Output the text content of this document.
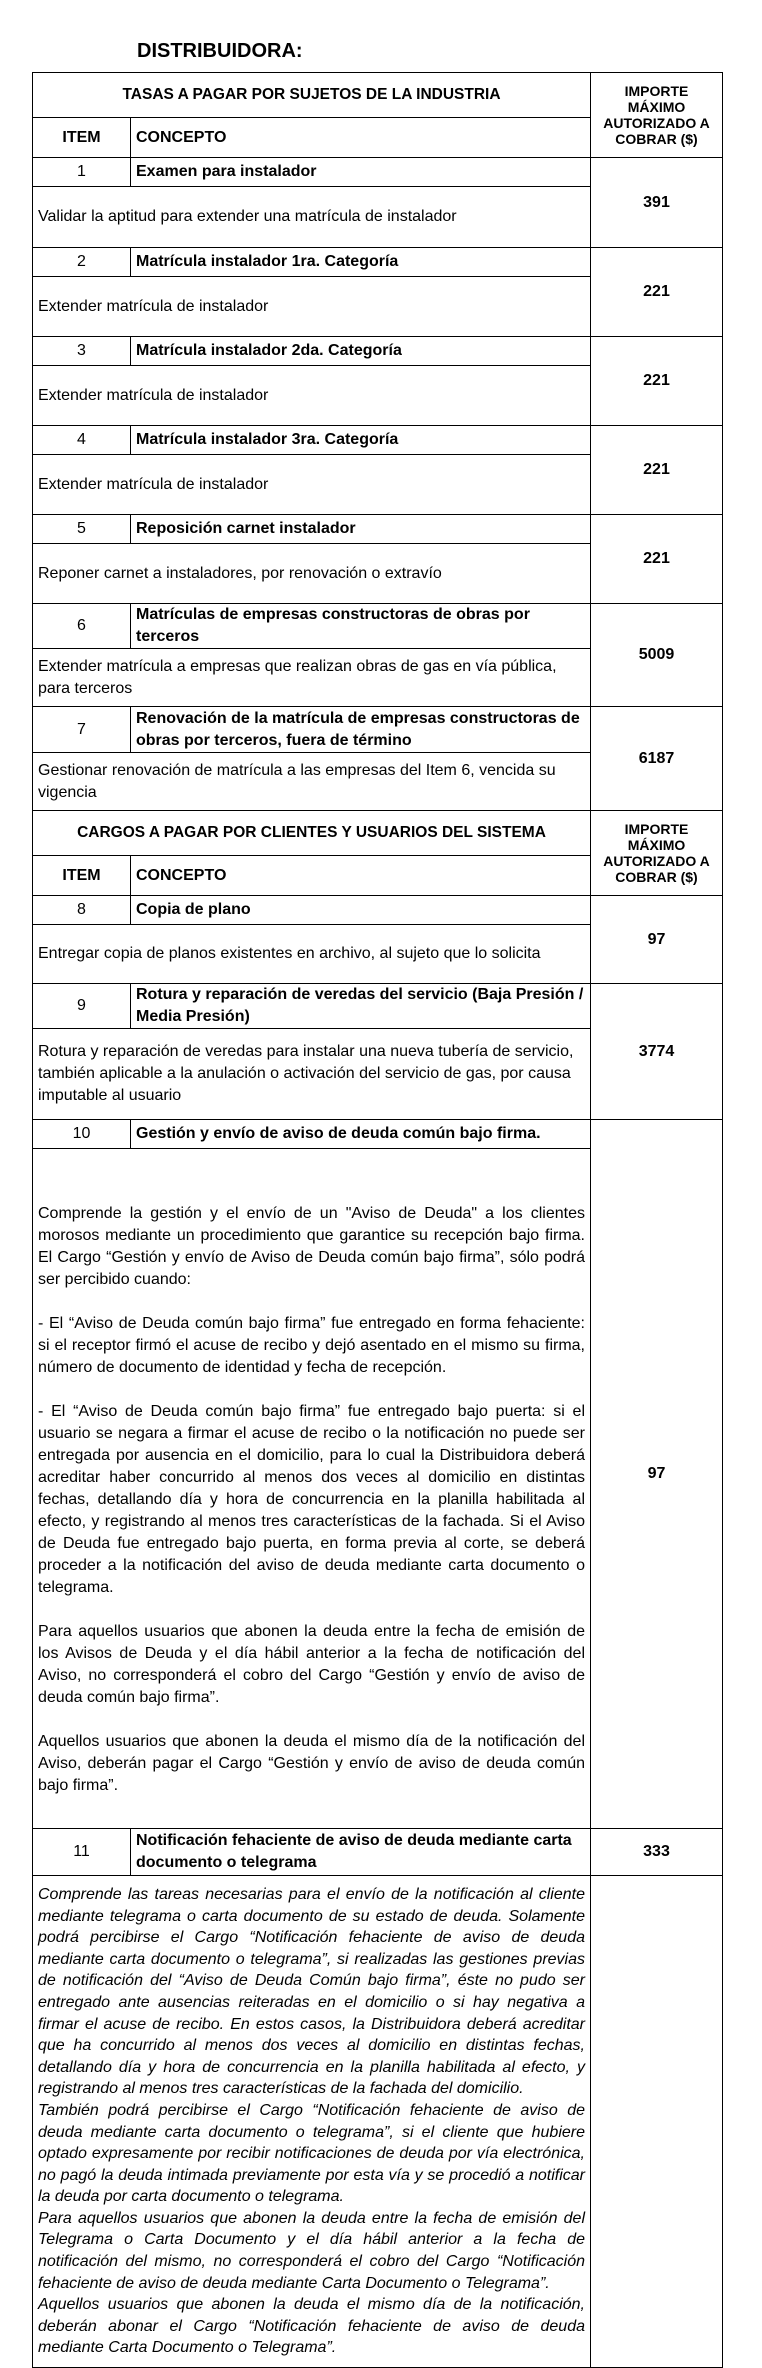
DISTRIBUIDORA:
TASAS A PAGAR POR SUJETOS DE LA INDUSTRIA		IMPORTE
MÁXIMO
AUTORIZADO A
COBRAR ($)

ITEM	CONCEPTO	
1	Examen para instalador	391
Validar la aptitud para extender una matrícula de instalador		
2	Matrícula instalador 1ra. Categoría	221
Extender matrícula de instalador		
3	Matrícula instalador 2da. Categoría	221
Extender matrícula de instalador		
4	Matrícula instalador 3ra. Categoría	221
Extender matrícula de instalador		
5	Reposición carnet instalador	221
Reponer carnet a instaladores, por renovación o extravío		
6	Matrículas de empresas constructoras de obras por terceros	5009
Extender matrícula a empresas que realizan obras de gas en vía pública, para terceros		
7	Renovación de la matrícula de empresas constructoras de obras por terceros, fuera de término	6187
Gestionar renovación de matrícula a las empresas del Item 6, vencida su vigencia		
CARGOS A PAGAR POR CLIENTES Y USUARIOS DEL SISTEMA		IMPORTE
MÁXIMO
AUTORIZADO A
COBRAR ($)

ITEM	CONCEPTO	
8	Copia de plano	97
Entregar copia de planos existentes en archivo, al sujeto que lo solicita		
9	Rotura y reparación de veredas del servicio (Baja Presión / Media Presión)	3774
Rotura y reparación de veredas para instalar una nueva tubería de servicio, también aplicable a la anulación o activación del servicio de gas, por causa imputable al usuario		
10	Gestión y envío de aviso de deuda común bajo firma.	97

Comprende la gestión y el envío de un "Aviso de Deuda" a los clientes morosos mediante un procedimiento que garantice su recepción bajo firma. El Cargo “Gestión y envío de Aviso de Deuda común bajo firma”, sólo podrá ser percibido cuando:

- El “Aviso de Deuda común bajo firma” fue entregado en forma fehaciente: si el receptor firmó el acuse de recibo y dejó asentado en el mismo su firma, número de documento de identidad y fecha de recepción.

- El “Aviso de Deuda común bajo firma” fue entregado bajo puerta: si el usuario se negara a firmar el acuse de recibo o la notificación no puede ser entregada por ausencia en el domicilio, para lo cual la Distribuidora deberá acreditar haber concurrido al menos dos veces al domicilio en distintas fechas, detallando día y hora de concurrencia en la planilla habilitada al efecto, y registrando al menos tres características de la fachada. Si el Aviso de Deuda fue entregado bajo puerta, en forma previa al corte, se deberá proceder a la notificación del aviso de deuda mediante carta documento o telegrama.

Para aquellos usuarios que abonen la deuda entre la fecha de emisión de los Avisos de Deuda y el día hábil anterior a la fecha de notificación del Aviso, no corresponderá el cobro del Cargo “Gestión y envío de aviso de deuda común bajo firma”.

Aquellos usuarios que abonen la deuda el mismo día de la notificación del Aviso, deberán pagar el Cargo “Gestión y envío de aviso de deuda común bajo firma”.		

11	Notificación fehaciente de aviso de deuda mediante carta documento o telegrama	333

Comprende las tareas necesarias para el envío de la notificación al cliente mediante telegrama o carta documento de su estado de deuda. Solamente podrá percibirse el Cargo “Notificación fehaciente de aviso de deuda mediante carta documento o telegrama”, si realizadas las gestiones previas de notificación del “Aviso de Deuda Común bajo firma”, éste no pudo ser entregado ante ausencias reiteradas en el domicilio o si hay negativa a firmar el acuse de recibo. En estos casos, la Distribuidora deberá acreditar que ha concurrido al menos dos veces al domicilio en distintas fechas, detallando día y hora de concurrencia en la planilla habilitada al efecto, y registrando al menos tres características de la fachada del domicilio.

También podrá percibirse el Cargo “Notificación fehaciente de aviso de deuda mediante carta documento o telegrama”, si el cliente que hubiere optado expresamente por recibir notificaciones de deuda por vía electrónica, no pagó la deuda intimada previamente por esta vía y se procedió a notificar la deuda por carta documento o telegrama.

Para aquellos usuarios que abonen la deuda entre la fecha de emisión del Telegrama o Carta Documento y el día hábil anterior a la fecha de notificación del mismo, no corresponderá el cobro del Cargo “Notificación fehaciente de aviso de deuda mediante Carta Documento o Telegrama”.

Aquellos usuarios que abonen la deuda el mismo día de la notificación, deberán abonar el Cargo “Notificación fehaciente de aviso de deuda mediante Carta Documento o Telegrama”.		
